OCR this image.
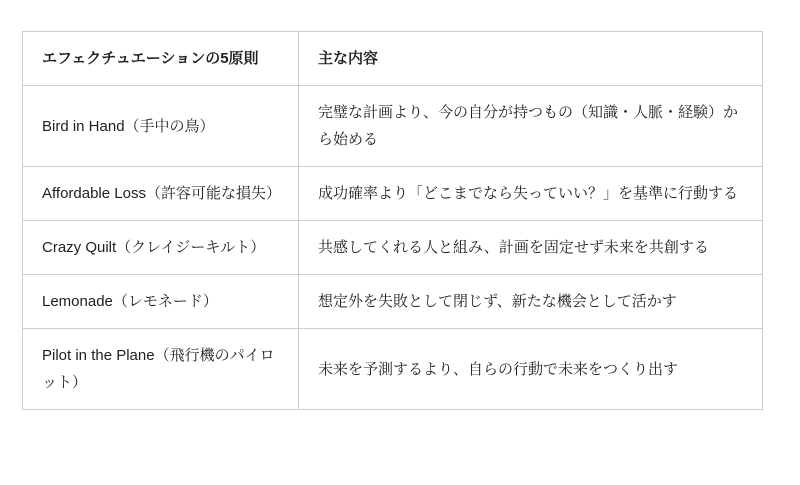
エフェクチュエーションの5原則	主な内容
Bird in Hand（手中の鳥）	完璧な計画より、今の自分が持つもの（知識・人脈・経験）から始める
Affordable Loss（許容可能な損失）	成功確率より「どこまでなら失っていい？」を基準に行動する
Crazy Quilt（クレイジーキルト）	共感してくれる人と組み、計画を固定せず未来を共創する
Lemonade（レモネード）	想定外を失敗として閉じず、新たな機会として活かす
Pilot in the Plane（飛行機のパイロット）	未来を予測するより、自らの行動で未来をつくり出す
